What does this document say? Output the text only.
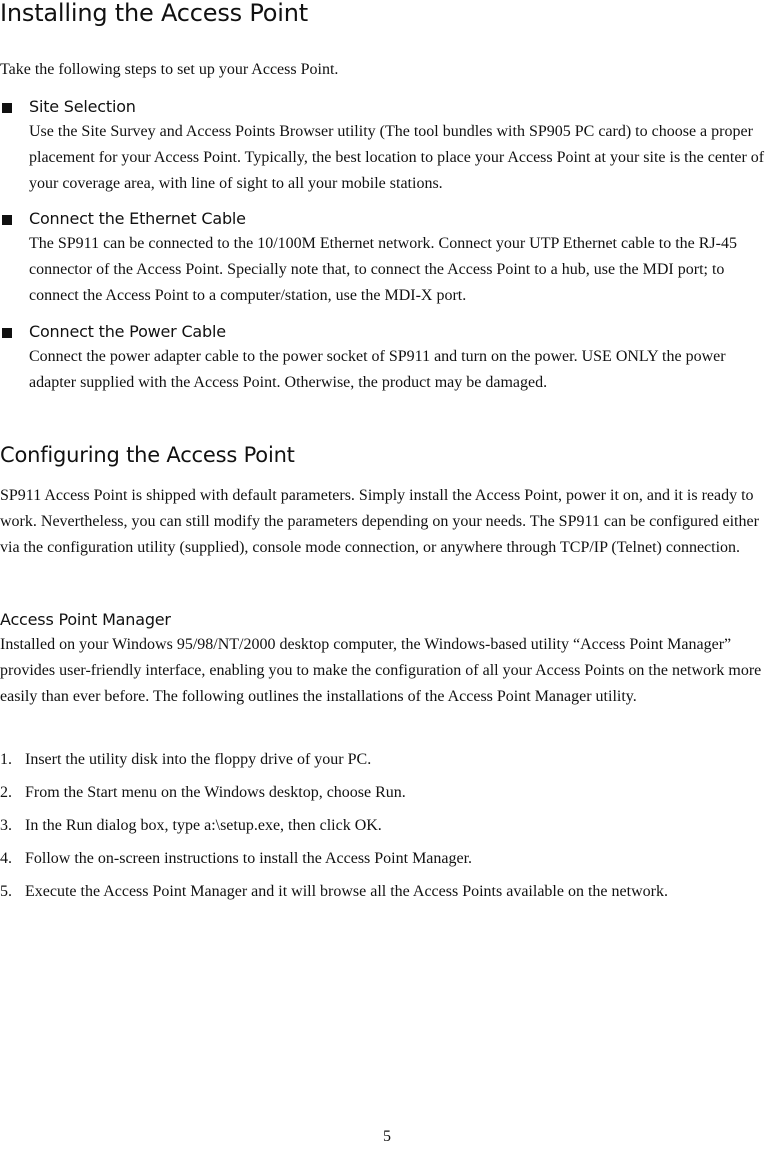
Installing the Access Point

Take the following steps to set up your Access Point.

Site Selection

Use the Site Survey and Access Points Browser utility (The tool bundles with SP905 PC card) to choose a proper placement for your Access Point. Typically, the best location to place your Access Point at your site is the center of your coverage area, with line of sight to all your mobile stations.

Connect the Ethernet Cable

The SP911 can be connected to the 10/100M Ethernet network. Connect your UTP Ethernet cable to the RJ-45 connector of the Access Point. Specially note that, to connect the Access Point to a hub, use the MDI port; to connect the Access Point to a computer/station, use the MDI-X port.

Connect the Power Cable

Connect the power adapter cable to the power socket of SP911 and turn on the power. USE ONLY the power adapter supplied with the Access Point. Otherwise, the product may be damaged.

Configuring the Access Point

SP911 Access Point is shipped with default parameters. Simply install the Access Point, power it on, and it is ready to work. Nevertheless, you can still modify the parameters depending on your needs. The SP911 can be configured either via the configuration utility (supplied), console mode connection, or anywhere through TCP/IP (Telnet) connection.

Access Point Manager

Installed on your Windows 95/98/NT/2000 desktop computer, the Windows-based utility “Access Point Manager” provides user-friendly interface, enabling you to make the configuration of all your Access Points on the network more easily than ever before. The following outlines the installations of the Access Point Manager utility.

1. Insert the utility disk into the floppy drive of your PC.
2. From the Start menu on the Windows desktop, choose Run.
3. In the Run dialog box, type a:\setup.exe, then click OK.
4. Follow the on-screen instructions to install the Access Point Manager.
5. Execute the Access Point Manager and it will browse all the Access Points available on the network.
5
